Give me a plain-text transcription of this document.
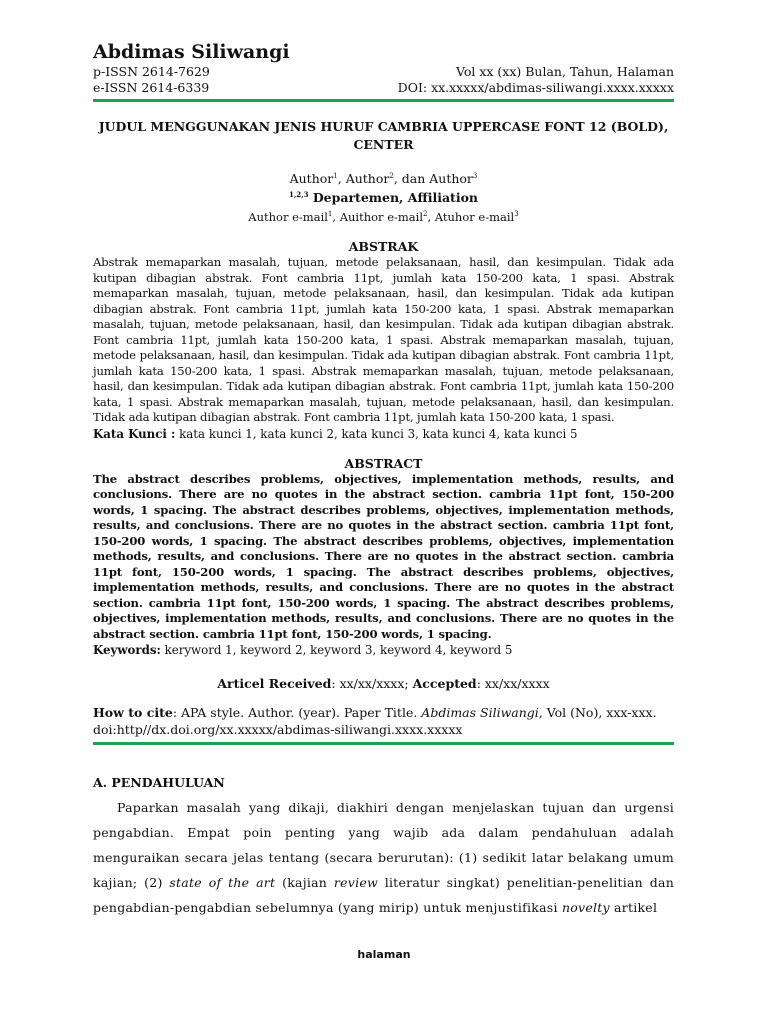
Abdimas Siliwangi
p-ISSN 2614-7629	Vol xx (xx) Bulan, Tahun, Halaman
e-ISSN 2614-6339	DOI: xx.xxxxx/abdimas-siliwangi.xxxx.xxxxx
JUDUL MENGGUNAKAN JENIS HURUF CAMBRIA UPPERCASE FONT 12 (BOLD), CENTER
Author$^1$, Author$^2$, dan Author$^3$
$^{1,2,3}$ Departemen, Affiliation
Author e-mail$^1$, Auithor e-mail$^2$, Atuhor e-mail$^3$
ABSTRAK

Abstrak memaparkan masalah, tujuan, metode pelaksanaan, hasil, dan kesimpulan. Tidak ada kutipan dibagian abstrak. Font cambria 11pt, jumlah kata 150-200 kata, 1 spasi. Abstrak memaparkan masalah, tujuan, metode pelaksanaan, hasil, dan kesimpulan. Tidak ada kutipan dibagian abstrak. Font cambria 11pt, jumlah kata 150-200 kata, 1 spasi. Abstrak memaparkan masalah, tujuan, metode pelaksanaan, hasil, dan kesimpulan. Tidak ada kutipan dibagian abstrak. Font cambria 11pt, jumlah kata 150-200 kata, 1 spasi. Abstrak memaparkan masalah, tujuan, metode pelaksanaan, hasil, dan kesimpulan. Tidak ada kutipan dibagian abstrak. Font cambria 11pt, jumlah kata 150-200 kata, 1 spasi. Abstrak memaparkan masalah, tujuan, metode pelaksanaan, hasil, dan kesimpulan. Tidak ada kutipan dibagian abstrak. Font cambria 11pt, jumlah kata 150-200 kata, 1 spasi. Abstrak memaparkan masalah, tujuan, metode pelaksanaan, hasil, dan kesimpulan. Tidak ada kutipan dibagian abstrak. Font cambria 11pt, jumlah kata 150-200 kata, 1 spasi.

Kata Kunci : kata kunci 1, kata kunci 2, kata kunci 3, kata kunci 4, kata kunci 5
ABSTRACT

The abstract describes problems, objectives, implementation methods, results, and conclusions. There are no quotes in the abstract section. cambria 11pt font, 150-200 words, 1 spacing. The abstract describes problems, objectives, implementation methods, results, and conclusions. There are no quotes in the abstract section. cambria 11pt font, 150-200 words, 1 spacing. The abstract describes problems, objectives, implementation methods, results, and conclusions. There are no quotes in the abstract section. cambria 11pt font, 150-200 words, 1 spacing. The abstract describes problems, objectives, implementation methods, results, and conclusions. There are no quotes in the abstract section. cambria 11pt font, 150-200 words, 1 spacing. The abstract describes problems, objectives, implementation methods, results, and conclusions. There are no quotes in the abstract section. cambria 11pt font, 150-200 words, 1 spacing.

Keywords: keryword 1, keyword 2, keyword 3, keyword 4, keyword 5
Articel Received: xx/xx/xxxx; Accepted: xx/xx/xxxx
How to cite: APA style. Author. (year). Paper Title. Abdimas Siliwangi, Vol (No), xxx-xxx.
doi:http//dx.doi.org/xx.xxxxx/abdimas-siliwangi.xxxx.xxxxx
A. PENDAHULUAN

Paparkan masalah yang dikaji, diakhiri dengan menjelaskan tujuan dan urgensi pengabdian. Empat poin penting yang wajib ada dalam pendahuluan adalah menguraikan secara jelas tentang (secara berurutan): (1) sedikit latar belakang umum kajian; (2) state of the art (kajian review literatur singkat) penelitian-penelitian dan pengabdian-pengabdian sebelumnya (yang mirip) untuk menjustifikasi novelty artikel

halaman
